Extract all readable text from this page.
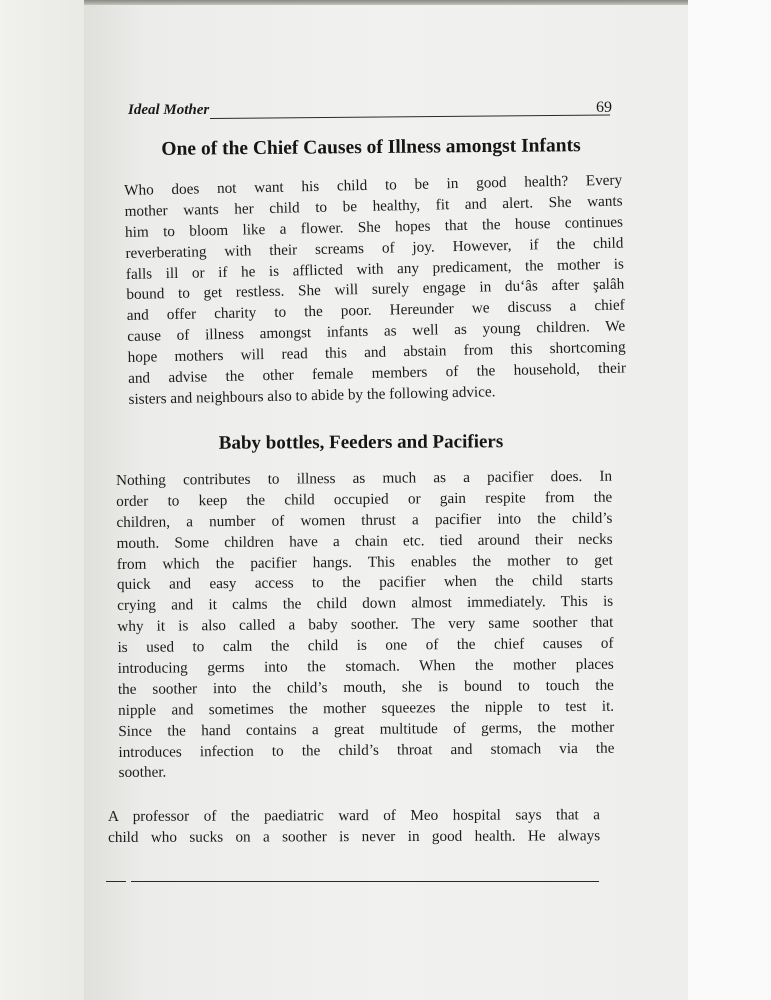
Ideal Mother	69
One of the Chief Causes of Illness amongst Infants
Who does not want his child to be in good health? Every
mother wants her child to be healthy, fit and alert. She wants
him to bloom like a flower. She hopes that the house continues
reverberating with their screams of joy. However, if the child
falls ill or if he is afflicted with any predicament, the mother is
bound to get restless. She will surely engage in du‘âs after şalâh
and offer charity to the poor. Hereunder we discuss a chief
cause of illness amongst infants as well as young children. We
hope mothers will read this and abstain from this shortcoming
and advise the other female members of the household, their
sisters and neighbours also to abide by the following advice.
Baby bottles, Feeders and Pacifiers
Nothing contributes to illness as much as a pacifier does. In
order to keep the child occupied or gain respite from the
children, a number of women thrust a pacifier into the child’s
mouth. Some children have a chain etc. tied around their necks
from which the pacifier hangs. This enables the mother to get
quick and easy access to the pacifier when the child starts
crying and it calms the child down almost immediately. This is
why it is also called a baby soother. The very same soother that
is used to calm the child is one of the chief causes of
introducing germs into the stomach. When the mother places
the soother into the child’s mouth, she is bound to touch the
nipple and sometimes the mother squeezes the nipple to test it.
Since the hand contains a great multitude of germs, the mother
introduces infection to the child’s throat and stomach via the
soother.
A professor of the paediatric ward of Meo hospital says that a
child who sucks on a soother is never in good health. He always
